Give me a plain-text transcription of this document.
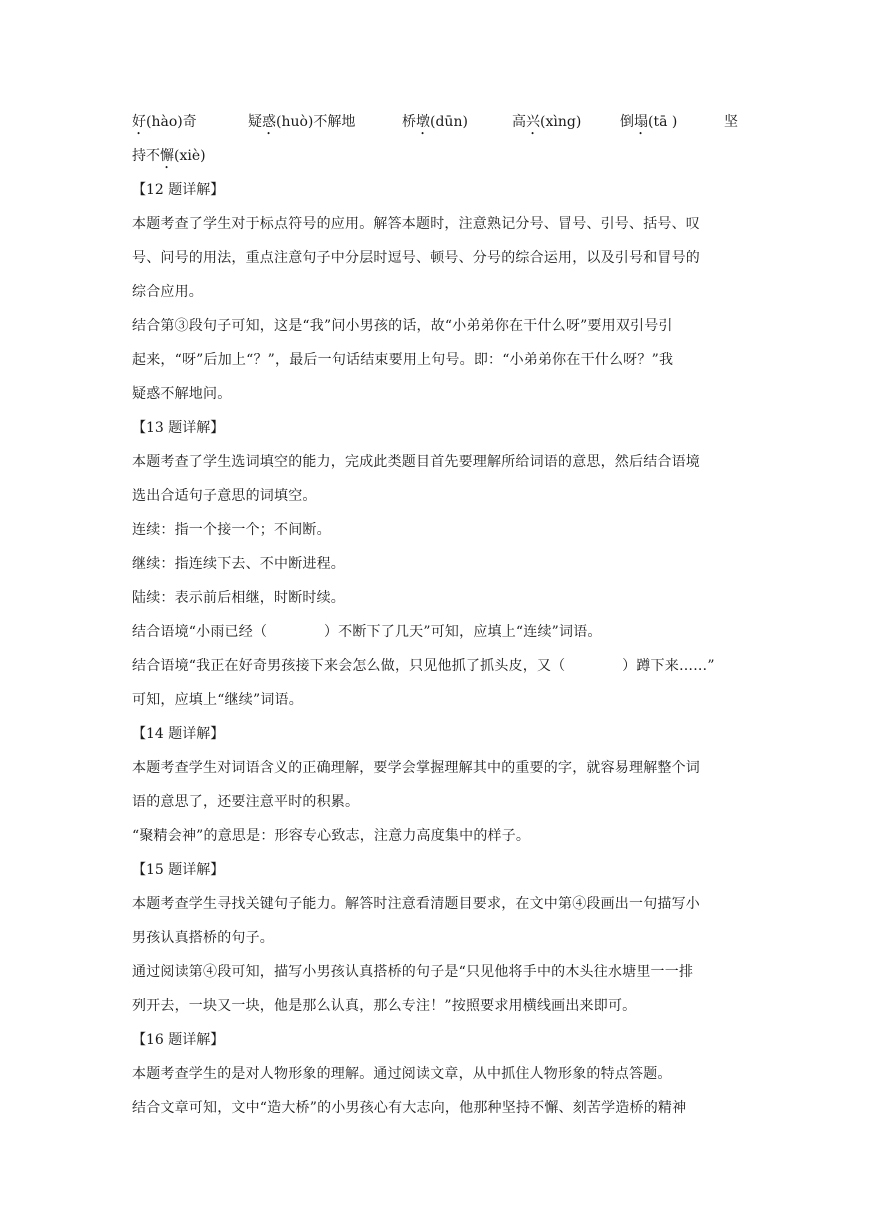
好(hào)奇	疑惑(huò)不解地	桥墩(dūn)	高兴(xìng)	倒塌(tā )	坚
持不懈(xiè)
【12 题详解】
本题考查了学生对于标点符号的应用。解答本题时，注意熟记分号、冒号、引号、括号、叹
号、问号的用法，重点注意句子中分层时逗号、顿号、分号的综合运用，以及引号和冒号的
综合应用。
结合第③段句子可知，这是“我”问小男孩的话，故“小弟弟你在干什么呀”要用双引号引
起来，“呀”后加上“？”，最后一句话结束要用上句号。即：“小弟弟你在干什么呀？”我
疑惑不解地问。
【13 题详解】
本题考查了学生选词填空的能力，完成此类题目首先要理解所给词语的意思，然后结合语境
选出合适句子意思的词填空。
连续：指一个接一个；不间断。
继续：指连续下去、不中断进程。
陆续：表示前后相继，时断时续。
结合语境“小雨已经（　　　　）不断下了几天”可知，应填上“连续”词语。
结合语境“我正在好奇男孩接下来会怎么做，只见他抓了抓头皮，又（　　　　）蹲下来……”
可知，应填上“继续”词语。
【14 题详解】
本题考查学生对词语含义的正确理解，要学会掌握理解其中的重要的字，就容易理解整个词
语的意思了，还要注意平时的积累。
“聚精会神”的意思是：形容专心致志，注意力高度集中的样子。
【15 题详解】
本题考查学生寻找关键句子能力。解答时注意看清题目要求，在文中第④段画出一句描写小
男孩认真搭桥的句子。
通过阅读第④段可知，描写小男孩认真搭桥的句子是“只见他将手中的木头往水塘里一一排
列开去，一块又一块，他是那么认真，那么专注！”按照要求用横线画出来即可。
【16 题详解】
本题考查学生的是对人物形象的理解。通过阅读文章，从中抓住人物形象的特点答题。
结合文章可知，文中“造大桥”的小男孩心有大志向，他那种坚持不懈、刻苦学造桥的精神
